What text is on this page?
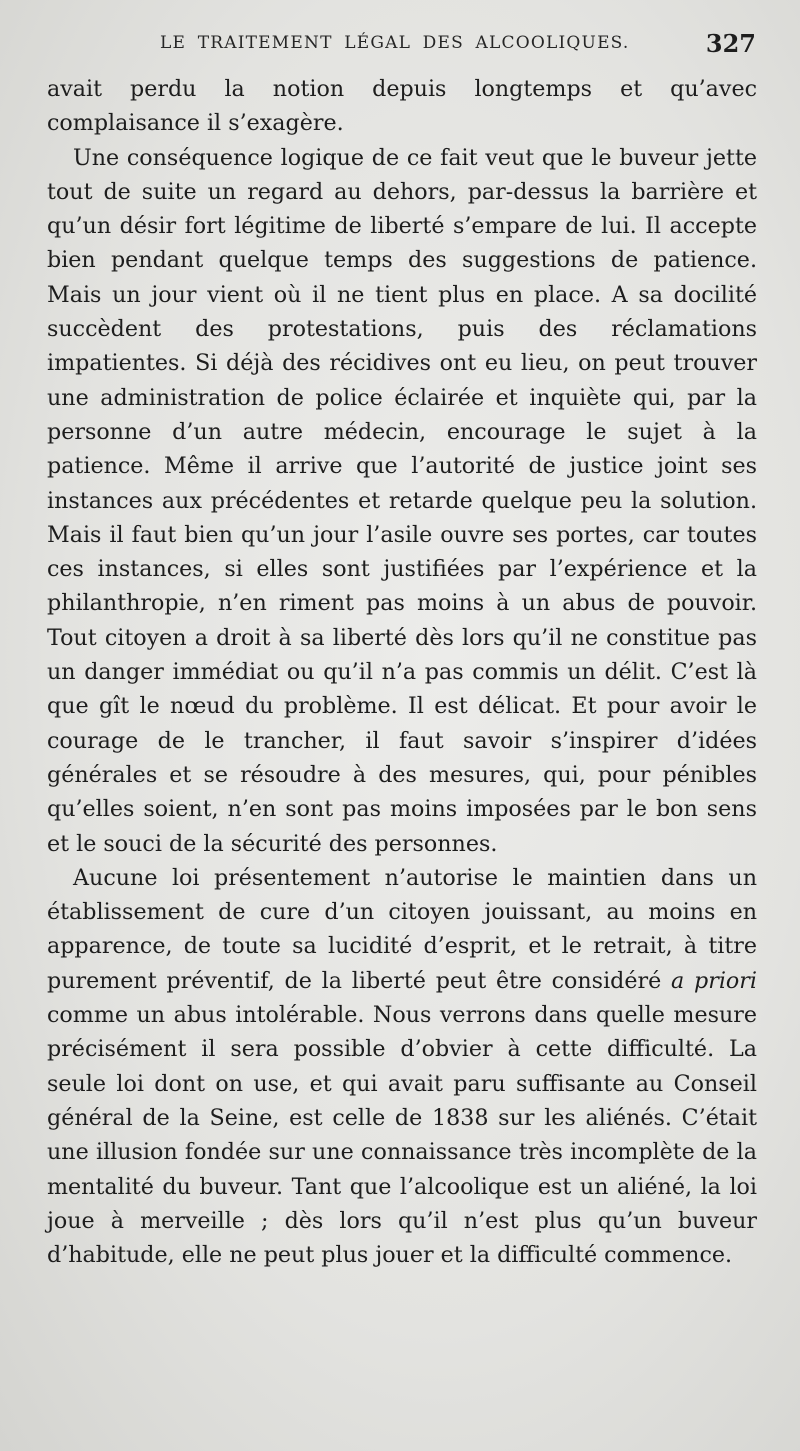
LE TRAITEMENT LÉGAL DES ALCOOLIQUES.	327

avait perdu la notion depuis longtemps et qu’avec complaisance il s’exagère.

Une conséquence logique de ce fait veut que le buveur jette tout de suite un regard au dehors, par-dessus la barrière et qu’un désir fort légitime de liberté s’empare de lui. Il accepte bien pendant quelque temps des suggestions de patience. Mais un jour vient où il ne tient plus en place. A sa docilité succèdent des protestations, puis des réclamations impatientes. Si déjà des récidives ont eu lieu, on peut trouver une administration de police éclairée et inquiète qui, par la personne d’un autre médecin, encourage le sujet à la patience. Même il arrive que l’autorité de justice joint ses instances aux précédentes et retarde quelque peu la solution. Mais il faut bien qu’un jour l’asile ouvre ses portes, car toutes ces instances, si elles sont justifiées par l’expérience et la philanthropie, n’en riment pas moins à un abus de pouvoir. Tout citoyen a droit à sa liberté dès lors qu’il ne constitue pas un danger immédiat ou qu’il n’a pas commis un délit. C’est là que gît le nœud du problème. Il est délicat. Et pour avoir le courage de le trancher, il faut savoir s’inspirer d’idées générales et se résoudre à des mesures, qui, pour pénibles qu’elles soient, n’en sont pas moins imposées par le bon sens et le souci de la sécurité des personnes.

Aucune loi présentement n’autorise le maintien dans un établissement de cure d’un citoyen jouissant, au moins en apparence, de toute sa lucidité d’esprit, et le retrait, à titre purement préventif, de la liberté peut être considéré a priori comme un abus intolérable. Nous verrons dans quelle mesure précisément il sera possible d’obvier à cette difficulté. La seule loi dont on use, et qui avait paru suffisante au Conseil général de la Seine, est celle de 1838 sur les aliénés. C’était une illusion fondée sur une connaissance très incomplète de la mentalité du buveur. Tant que l’alcoolique est un aliéné, la loi joue à merveille ; dès lors qu’il n’est plus qu’un buveur d’habitude, elle ne peut plus jouer et la difficulté commence.
